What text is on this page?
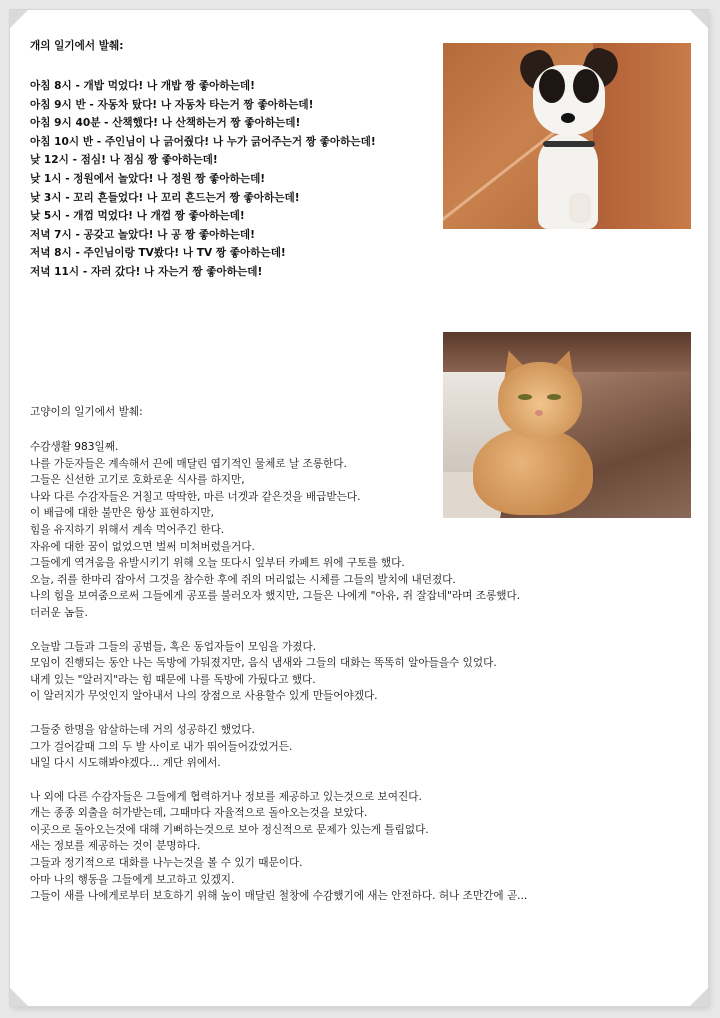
개의 일기에서 발췌:
아침 8시 - 개밥 먹었다! 나 개밥 짱 좋아하는데!
아침 9시 반 - 자동차 탔다! 나 자동차 타는거 짱 좋아하는데!
아침 9시 40분 - 산책했다! 나 산책하는거 짱 좋아하는데!
아침 10시 반 - 주인님이 나 긁어줬다! 나 누가 긁어주는거 짱 좋아하는데!
낮 12시 - 점심! 나 점심 짱 좋아하는데!
낮 1시 - 정원에서 놀았다! 나 정원 짱 좋아하는데!
낮 3시 - 꼬리 흔들었다! 나 꼬리 흔드는거 짱 좋아하는데!
낮 5시 - 개껌 먹었다! 나 개껌 짱 좋아하는데!
저녁 7시 - 공갖고 놀았다! 나 공 짱 좋아하는데!
저녁 8시 - 주인님이랑 TV봤다! 나 TV 짱 좋아하는데!
저녁 11시 - 자러 갔다! 나 자는거 짱 좋아하는데!
고양이의 일기에서 발췌:
수감생활 983일째.
나를 가둔자들은 계속해서 끈에 매달린 엽기적인 물체로 날 조롱한다.
그들은 신선한 고기로 호화로운 식사를 하지만,
나와 다른 수감자들은 거칠고 딱딱한, 마른 너겟과 같은것을 배급받는다.
이 배급에 대한 불만은 항상 표현하지만,
힘을 유지하기 위해서 계속 먹어주긴 한다.
자유에 대한 꿈이 없었으면 벌써 미쳐버렸을거다.
그들에게 역겨움을 유발시키기 위해 오늘 또다시 잎부터 카페트 위에 구토를 했다.
오늘, 쥐를 한마리 잡아서 그것을 참수한 후에 쥐의 머리없는 시체를 그들의 발치에 내던졌다.
나의 힘을 보여줌으로써 그들에게 공포를 불러오자 했지만, 그들은 나에게 "아유, 쥐 잘잡네"라며 조롱했다.
더러운 놈들.
오늘밤 그들과 그들의 공범들, 혹은 동업자들이 모임을 가졌다.
모임이 진행되는 동안 나는 독방에 가둬졌지만, 음식 냄새와 그들의 대화는 똑똑히 알아들을수 있었다.
내게 있는 "알러지"라는 힘 때문에 나를 독방에 가뒀다고 했다.
이 알러지가 무엇인지 알아내서 나의 장점으로 사용할수 있게 만들어야겠다.
그들중 한명을 암살하는데 거의 성공하긴 했었다.
그가 걸어갈때 그의 두 발 사이로 내가 뛰어들어갔었거든.
내일 다시 시도해봐야겠다... 계단 위에서.
나 외에 다른 수감자들은 그들에게 협력하거나 정보를 제공하고 있는것으로 보여진다.
개는 종종 외출을 허가받는데, 그때마다 자율적으로 돌아오는것을 보았다.
이곳으로 돌아오는것에 대해 기뻐하는것으로 보아 정신적으로 문제가 있는게 틀림없다.
새는 정보를 제공하는 것이 분명하다.
그들과 정기적으로 대화를 나누는것을 볼 수 있기 때문이다.
아마 나의 행동을 그들에게 보고하고 있겠지.
그들이 새를 나에게로부터 보호하기 위해 높이 매달린 철창에 수감했기에 새는 안전하다. 허나 조만간에 곧...
